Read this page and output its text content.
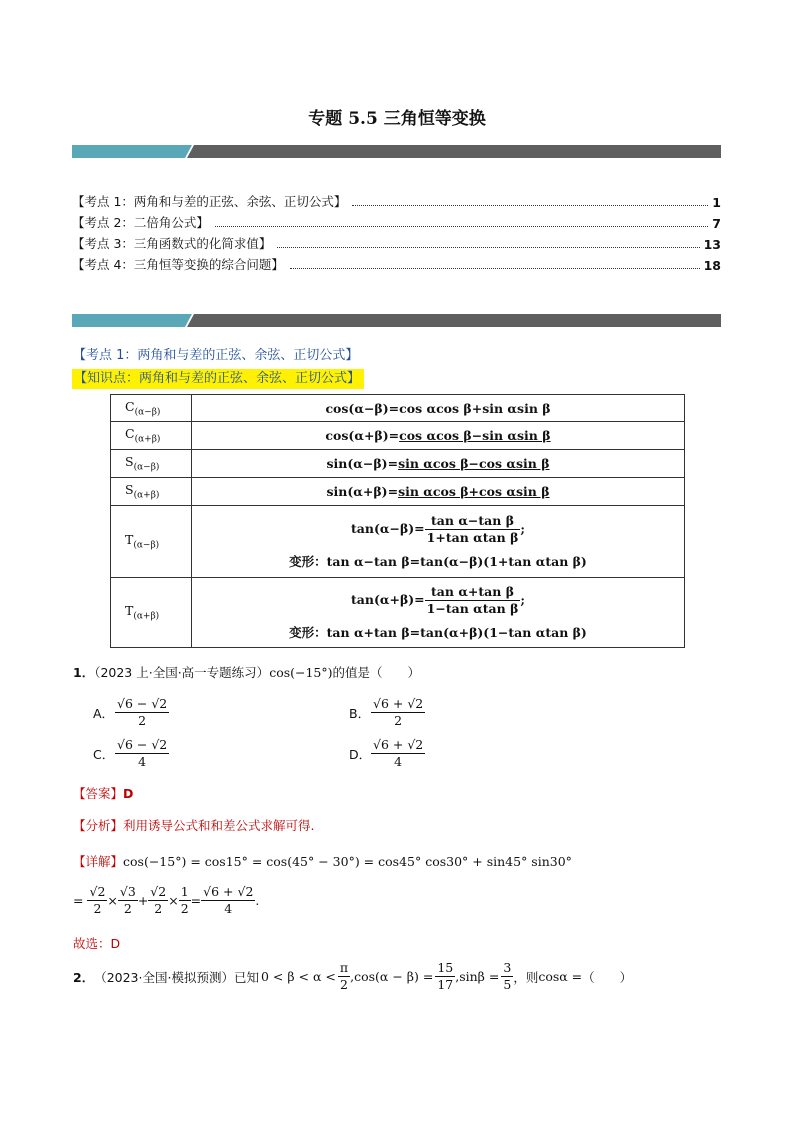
专题 5.5 三角恒等变换
【考点 1：两角和与差的正弦、余弦、正切公式】	1
【考点 2：二倍角公式】	7
【考点 3：三角函数式的化简求值】	13
【考点 4：三角恒等变换的综合问题】	18
【考点 1：两角和与差的正弦、余弦、正切公式】
【知识点：两角和与差的正弦、余弦、正切公式】
$C_{(\alpha-\beta)}$	cos(α−β)=cos αcos β+sin αsin β
$C_{(\alpha+\beta)}$	cos(α+β)=cos αcos β−sin αsin β
$S_{(\alpha-\beta)}$	sin(α−β)=sin αcos β−cos αsin β
$S_{(\alpha+\beta)}$	sin(α+β)=sin αcos β+cos αsin β
$T_{(\alpha-\beta)}$	$\tan(\alpha-\beta)= \frac{\text{tan α−tan β}}{\text{1+tan αtan β}}$ ;
变形：tan α−tan β=tan(α−β)(1+tan αtan β)

$T_{(\alpha+\beta)}$	$\tan(\alpha+\beta)= \frac{\text{tan α+tan β}}{\text{1−tan αtan β}}$ ;
变形：tan α+tan β=tan(α+β)(1−tan αtan β)
1．（2023 上·全国·高一专题练习）cos(−15°)的值是（　　）
A． $\frac{√6 - √2}{2}$	B． $\frac{√6 + √2}{2}$
C． $\frac{√6 - √2}{4}$	D． $\frac{√6 + √2}{4}$
【答案】D
【分析】利用诱导公式和和差公式求解可得.
【详解】cos(−15°) = cos15° = cos(45° − 30°) = cos45° cos30° + sin45° sin30°
= $\frac{√2}{2} \times \frac{√3}{2} + \frac{√2}{2} \times \frac{1}{2} = \frac{√6 + √2}{4}$ .
故选：D
2． （2023·全国·模拟预测） 已知 $0 < \beta < \alpha < \frac{\pi}{2} ,\cos(\alpha - \beta) = \frac{15}{17} ,\sin\beta = \frac{3}{5}$ ，则 cosα = （　　）
